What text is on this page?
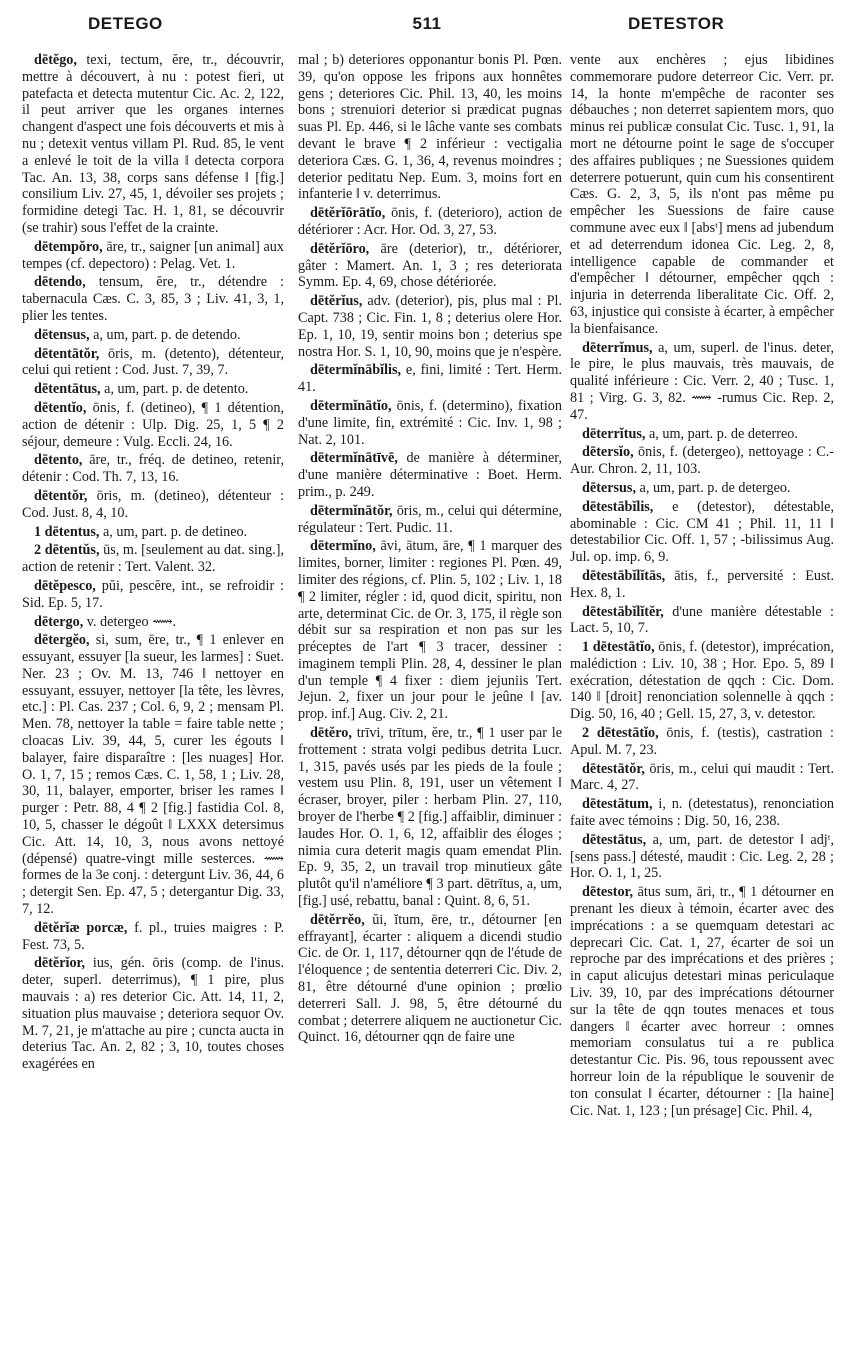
DETEGO	511	DETESTOR

dētĕgo, texi, tectum, ĕre, tr., découvrir, mettre à découvert, à nu : potest fieri, ut patefacta et detecta mutentur Cic. Ac. 2, 122, il peut arriver que les organes internes changent d'aspect une fois découverts et mis à nu ; detexit ventus villam Pl. Rud. 85, le vent a enlevé le toit de la villa ‖ detecta corpora Tac. An. 13, 38, corps sans défense ‖ [fig.] consilium Liv. 27, 45, 1, dévoiler ses projets ; formidine detegi Tac. H. 1, 81, se découvrir (se trahir) sous l'effet de la crainte.

dētempŏro, āre, tr., saigner [un animal] aux tempes (cf. depectoro) : Pelag. Vet. 1.

dētendo, tensum, ĕre, tr., détendre : tabernacula Cæs. C. 3, 85, 3 ; Liv. 41, 3, 1, plier les tentes.

dētensus, a, um, part. p. de detendo.

dētentātŏr, ōris, m. (detento), détenteur, celui qui retient : Cod. Just. 7, 39, 7.

dētentātus, a, um, part. p. de detento.

dētentĭo, ōnis, f. (detineo), ¶ 1 détention, action de détenir : Ulp. Dig. 25, 1, 5 ¶ 2 séjour, demeure : Vulg. Eccli. 24, 16.

dētento, āre, tr., fréq. de detineo, retenir, détenir : Cod. Th. 7, 13, 16.

dētentŏr, ōris, m. (detineo), détenteur : Cod. Just. 8, 4, 10.

1 dētentus, a, um, part. p. de detineo.

2 dētentŭs, ūs, m. [seulement au dat. sing.], action de retenir : Tert. Valent. 32.

dētĕpesco, pŭi, pescĕre, int., se refroidir : Sid. Ep. 5, 17.

dētergo, v. detergeo ⟿.

dētergĕo, si, sum, ēre, tr., ¶ 1 enlever en essuyant, essuyer [la sueur, les larmes] : Suet. Ner. 23 ; Ov. M. 13, 746 ‖ nettoyer en essuyant, essuyer, nettoyer [la tête, les lèvres, etc.] : Pl. Cas. 237 ; Col. 6, 9, 2 ; mensam Pl. Men. 78, nettoyer la table = faire table nette ; cloacas Liv. 39, 44, 5, curer les égouts ‖ balayer, faire disparaître : [les nuages] Hor. O. 1, 7, 15 ; remos Cæs. C. 1, 58, 1 ; Liv. 28, 30, 11, balayer, emporter, briser les rames ‖ purger : Petr. 88, 4 ¶ 2 [fig.] fastidia Col. 8, 10, 5, chasser le dégoût ‖ LXXX detersimus Cic. Att. 14, 10, 3, nous avons nettoyé (dépensé) quatre-vingt mille sesterces. ⟿ formes de la 3e conj. : detergunt Liv. 36, 44, 6 ; detergit Sen. Ep. 47, 5 ; detergantur Dig. 33, 7, 12.

dētĕrĭæ porcæ, f. pl., truies maigres : P. Fest. 73, 5.

dētĕrĭor, ius, gén. ōris (comp. de l'inus. deter, superl. deterrimus), ¶ 1 pire, plus mauvais : a) res deterior Cic. Att. 14, 11, 2, situation plus mauvaise ; deteriora sequor Ov. M. 7, 21, je m'attache au pire ; cuncta aucta in deterius Tac. An. 2, 82 ; 3, 10, toutes choses exagérées en

mal ; b) deteriores opponantur bonis Pl. Pœn. 39, qu'on oppose les fripons aux honnêtes gens ; deteriores Cic. Phil. 13, 40, les moins bons ; strenuiori deterior si prædicat pugnas suas Pl. Ep. 446, si le lâche vante ses combats devant le brave ¶ 2 inférieur : vectigalia deteriora Cæs. G. 1, 36, 4, revenus moindres ; deterior peditatu Nep. Eum. 3, moins fort en infanterie ‖ v. deterrimus.

dētĕrĭōrātĭo, ōnis, f. (deterioro), action de détériorer : Acr. Hor. Od. 3, 27, 53.

dētĕrĭōro, āre (deterior), tr., détériorer, gâter : Mamert. An. 1, 3 ; res deteriorata Symm. Ep. 4, 69, chose détériorée.

dētĕrĭus, adv. (deterior), pis, plus mal : Pl. Capt. 738 ; Cic. Fin. 1, 8 ; deterius olere Hor. Ep. 1, 10, 19, sentir moins bon ; deterius spe nostra Hor. S. 1, 10, 90, moins que je n'espère.

dētermĭnābĭlis, e, fini, limité : Tert. Herm. 41.

dētermĭnātĭo, ōnis, f. (determino), fixation d'une limite, fin, extrémité : Cic. Inv. 1, 98 ; Nat. 2, 101.

dētermĭnātīvē, de manière à déterminer, d'une manière déterminative : Boet. Herm. prim., p. 249.

dētermĭnātŏr, ōris, m., celui qui détermine, régulateur : Tert. Pudic. 11.

dētermĭno, āvi, ātum, āre, ¶ 1 marquer des limites, borner, limiter : regiones Pl. Pœn. 49, limiter des régions, cf. Plin. 5, 102 ; Liv. 1, 18 ¶ 2 limiter, régler : id, quod dicit, spiritu, non arte, determinat Cic. de Or. 3, 175, il règle son débit sur sa respiration et non pas sur les préceptes de l'art ¶ 3 tracer, dessiner : imaginem templi Plin. 28, 4, dessiner le plan d'un temple ¶ 4 fixer : diem jejuniis Tert. Jejun. 2, fixer un jour pour le jeûne ‖ [av. prop. inf.] Aug. Civ. 2, 21.

dētĕro, trīvi, trītum, ĕre, tr., ¶ 1 user par le frottement : strata volgi pedibus detrita Lucr. 1, 315, pavés usés par les pieds de la foule ; vestem usu Plin. 8, 191, user un vêtement ‖ écraser, broyer, piler : herbam Plin. 27, 110, broyer de l'herbe ¶ 2 [fig.] affaiblir, diminuer : laudes Hor. O. 1, 6, 12, affaiblir des éloges ; nimia cura deterit magis quam emendat Plin. Ep. 9, 35, 2, un travail trop minutieux gâte plutôt qu'il n'améliore ¶ 3 part. dētrītus, a, um, [fig.] usé, rebattu, banal : Quint. 8, 6, 51.

dētĕrrĕo, ŭi, ĭtum, ēre, tr., détourner [en effrayant], écarter : aliquem a dicendi studio Cic. de Or. 1, 117, détourner qqn de l'étude de l'éloquence ; de sententia deterreri Cic. Div. 2, 81, être détourné d'une opinion ; prœlio deterreri Sall. J. 98, 5, être détourné du combat ; deterrere aliquem ne auctionetur Cic. Quinct. 16, détourner qqn de faire une

vente aux enchères ; ejus libidines commemorare pudore deterreor Cic. Verr. pr. 14, la honte m'empêche de raconter ses débauches ; non deterret sapientem mors, quo minus rei publicæ consulat Cic. Tusc. 1, 91, la mort ne détourne point le sage de s'occuper des affaires publiques ; ne Suessiones quidem deterrere potuerunt, quin cum his consentirent Cæs. G. 2, 3, 5, ils n'ont pas même pu empêcher les Suessions de faire cause commune avec eux ‖ [absᵗ] mens ad jubendum et ad deterrendum idonea Cic. Leg. 2, 8, intelligence capable de commander et d'empêcher ‖ détourner, empêcher qqch : injuria in deterrenda liberalitate Cic. Off. 2, 63, injustice qui consiste à écarter, à empêcher la bienfaisance.

dēterrĭmus, a, um, superl. de l'inus. deter, le pire, le plus mauvais, très mauvais, de qualité inférieure : Cic. Verr. 2, 40 ; Tusc. 1, 81 ; Virg. G. 3, 82. ⟿ -rumus Cic. Rep. 2, 47.

dēterrĭtus, a, um, part. p. de deterreo.

dētersĭo, ōnis, f. (detergeo), nettoyage : C.-Aur. Chron. 2, 11, 103.

dētersus, a, um, part. p. de detergeo.

dētestābĭlis, e (detestor), détestable, abominable : Cic. CM 41 ; Phil. 11, 11 ‖ detestabilior Cic. Off. 1, 57 ; -bilissimus Aug. Jul. op. imp. 6, 9.

dētestābĭlĭtās, ātis, f., perversité : Eust. Hex. 8, 1.

dētestābĭlĭtĕr, d'une manière détestable : Lact. 5, 10, 7.

1 dētestātĭo, ōnis, f. (detestor), imprécation, malédiction : Liv. 10, 38 ; Hor. Epo. 5, 89 ‖ exécration, détestation de qqch : Cic. Dom. 140 ‖ [droit] renonciation solennelle à qqch : Dig. 50, 16, 40 ; Gell. 15, 27, 3, v. detestor.

2 dētestātĭo, ōnis, f. (testis), castration : Apul. M. 7, 23.

dētestātŏr, ōris, m., celui qui maudit : Tert. Marc. 4, 27.

dētestātum, i, n. (detestatus), renonciation faite avec témoins : Dig. 50, 16, 238.

dētestātus, a, um, part. de detestor ‖ adjᵗ, [sens pass.] détesté, maudit : Cic. Leg. 2, 28 ; Hor. O. 1, 1, 25.

dētestor, ātus sum, āri, tr., ¶ 1 détourner en prenant les dieux à témoin, écarter avec des imprécations : a se quemquam detestari ac deprecari Cic. Cat. 1, 27, écarter de soi un reproche par des imprécations et des prières ; in caput alicujus detestari minas periculaque Liv. 39, 10, par des imprécations détourner sur la tête de qqn toutes menaces et tous dangers ‖ écarter avec horreur : omnes memoriam consulatus tui a re publica detestantur Cic. Pis. 96, tous repoussent avec horreur loin de la république le souvenir de ton consulat ‖ écarter, détourner : [la haine] Cic. Nat. 1, 123 ; [un présage] Cic. Phil. 4,
